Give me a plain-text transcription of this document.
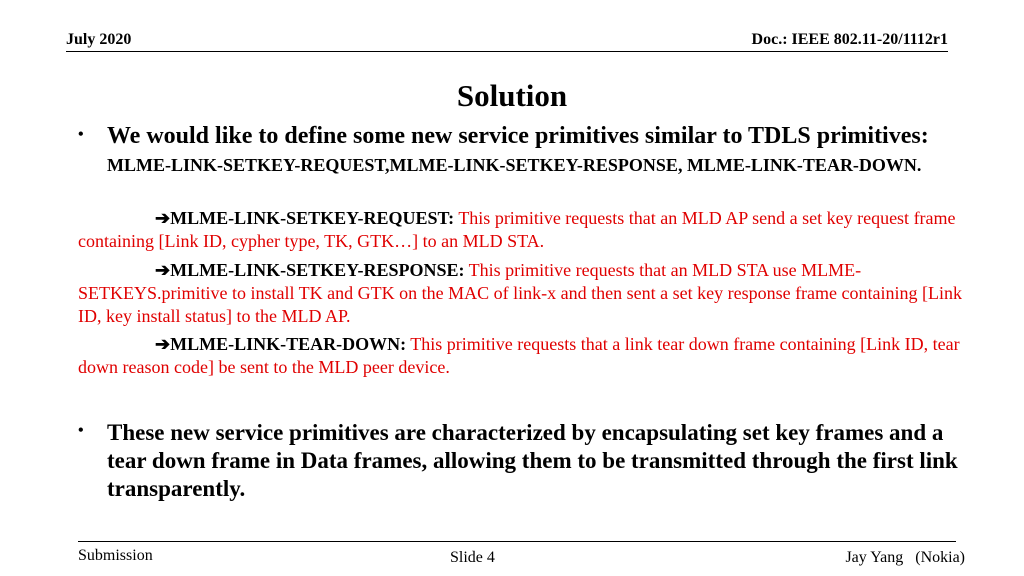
July 2020	Doc.: IEEE 802.11-20/1112r1
Solution
• We would like to define some new service primitives similar to TDLS primitives: MLME-LINK-SETKEY-REQUEST,MLME-LINK-SETKEY-RESPONSE, MLME-LINK-TEAR-DOWN.
➔MLME-LINK-SETKEY-REQUEST: This primitive requests that an MLD AP send a set key request frame containing [Link ID, cypher type, TK, GTK…] to an MLD STA.
➔MLME-LINK-SETKEY-RESPONSE: This primitive requests that an MLD STA use MLME-SETKEYS.primitive to install TK and GTK on the MAC of link-x and then sent a set key response frame containing [Link ID, key install status] to the MLD AP.
➔MLME-LINK-TEAR-DOWN: This primitive requests that a link tear down frame containing [Link ID, tear down reason code] be sent to the MLD peer device.
• These new service primitives are characterized by encapsulating set key frames and a tear down frame in Data frames, allowing them to be transmitted through the first link transparently.
Submission	Slide 4	Jay Yang   (Nokia)
